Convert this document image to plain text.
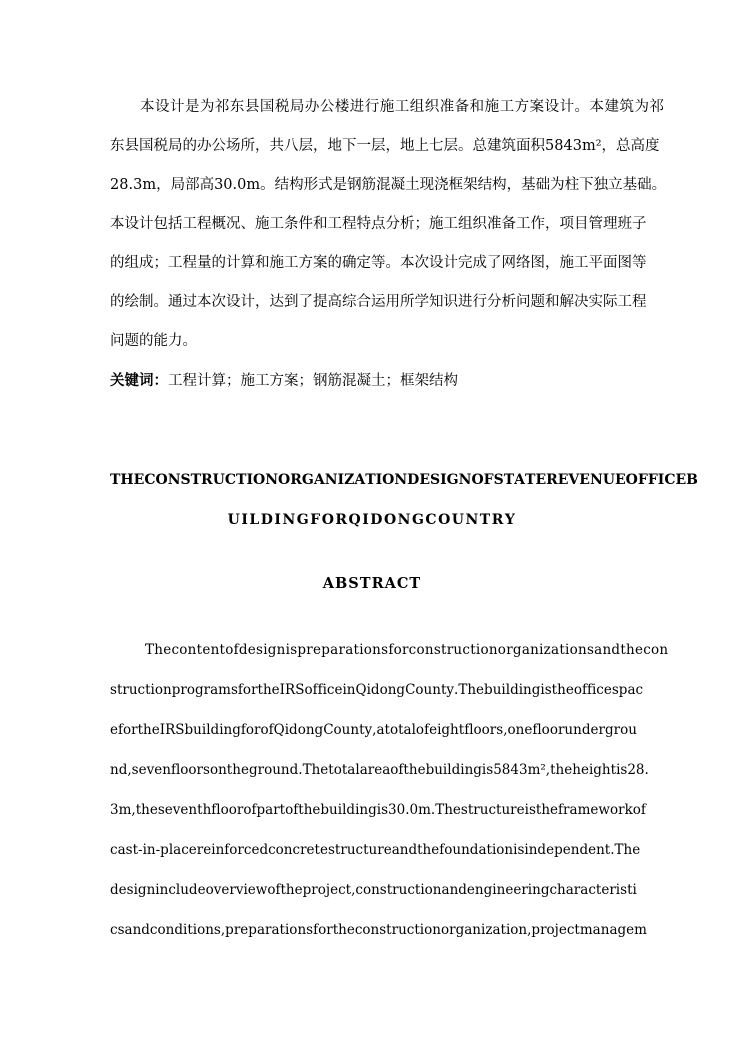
本 设 计 是 为 祁 东 县 国 税 局 办 公 楼 进 行 施 工 组 织 准 备 和 施 工 方 案 设 计 。 本 建 筑 为 祁
东 县 国 税 局 的 办 公 场 所 ， 共 八 层 ， 地 下 一 层 ， 地 上 七 层 。 总 建 筑 面 积 5 8 4 3 m ² ， 总 高 度
2 8 . 3 m ， 局 部 高 3 0 . 0 m 。 结 构 形 式 是 钢 筋 混 凝 土 现 浇 框 架 结 构 ， 基 础 为 柱 下 独 立 基 础 。
本 设 计 包 括 工 程 概 况 、 施 工 条 件 和 工 程 特 点 分 析 ； 施 工 组 织 准 备 工 作 ， 项 目 管 理 班 子
的 组 成 ； 工 程 量 的 计 算 和 施 工 方 案 的 确 定 等 。 本 次 设 计 完 成 了 网 络 图 ， 施 工 平 面 图 等
的 绘 制 。 通 过 本 次 设 计 ， 达 到 了 提 高 综 合 运 用 所 学 知 识 进 行 分 析 问 题 和 解 决 实 际 工 程
问 题 的 能 力 。
关键词：工程计算；施工方案；钢筋混凝土；框架结构
T H E C O N S T R U C T I O N O R G A N I Z A T I O N D E S I G N O F S T A T E R E V E N U E O F F I C E B
U I L D I N G F O R Q I D O N G C O U N T R Y
ABSTRACT
T h e c o n t e n t o f d e s i g n i s p r e p a r a t i o n s f o r c o n s t r u c t i o n o r g a n i z a t i o n s a n d t h e c o n
s t r u c t i o n p r o g r a m s f o r t h e I R S o f f i c e i n Q i d o n g C o u n t y . T h e b u i l d i n g i s t h e o f f i c e s p a c
e f o r t h e I R S b u i l d i n g f o r o f Q i d o n g C o u n t y , a t o t a l o f e i g h t f l o o r s , o n e f l o o r u n d e r g r o u
n d , s e v e n f l o o r s o n t h e g r o u n d . T h e t o t a l a r e a o f t h e b u i l d i n g i s 5 8 4 3 m ² , t h e h e i g h t i s 2 8 .
3 m , t h e s e v e n t h f l o o r o f p a r t o f t h e b u i l d i n g i s 3 0 . 0 m . T h e s t r u c t u r e i s t h e f r a m e w o r k o f
c a s t - i n - p l a c e r e i n f o r c e d c o n c r e t e s t r u c t u r e a n d t h e f o u n d a t i o n i s i n d e p e n d e n t . T h e
d e s i g n i n c l u d e o v e r v i e w o f t h e p r o j e c t , c o n s t r u c t i o n a n d e n g i n e e r i n g c h a r a c t e r i s t i
c s a n d c o n d i t i o n s , p r e p a r a t i o n s f o r t h e c o n s t r u c t i o n o r g a n i z a t i o n , p r o j e c t m a n a g e m
